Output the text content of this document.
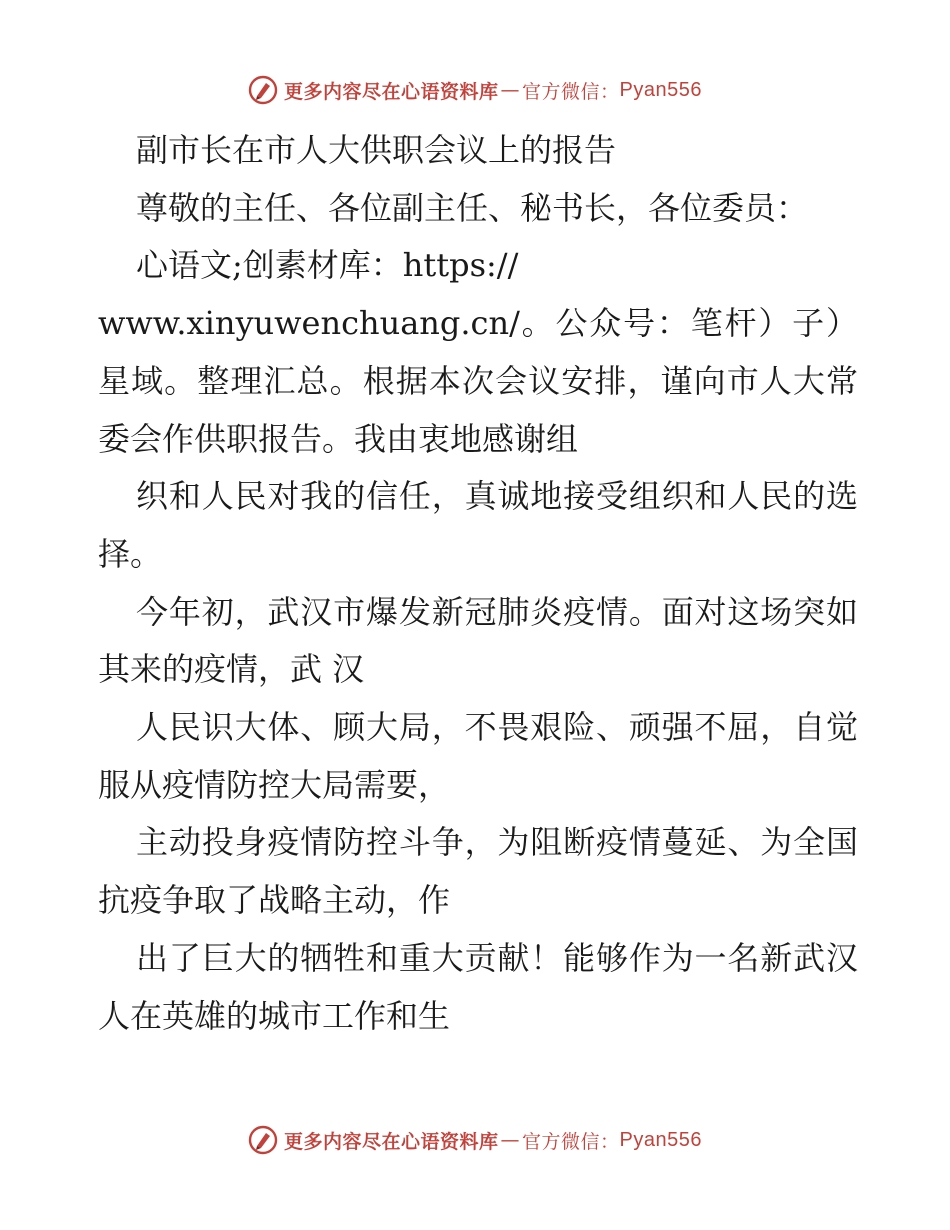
更多内容尽在心语资料库 — 官方微信： Pyan556

副市长在市人大供职会议上的报告

尊敬的主任、各位副主任、秘书长，各位委员：

心语文;创素材库：https://

www.xinyuwenchuang.cn/。公众号：笔杆）子）星域。整理汇总。根据本次会议安排，谨向市人大常委会作供职报告。我由衷地感谢组

织和人民对我的信任，真诚地接受组织和人民的选择。

今年初，武汉市爆发新冠肺炎疫情。面对这场突如其来的疫情，武 汉

人民识大体、顾大局，不畏艰险、顽强不屈，自觉服从疫情防控大局需要，

主动投身疫情防控斗争，为阻断疫情蔓延、为全国抗疫争取了战略主动，作

出了巨大的牺牲和重大贡献！能够作为一名新武汉人在英雄的城市工作和生

更多内容尽在心语资料库 — 官方微信： Pyan556
